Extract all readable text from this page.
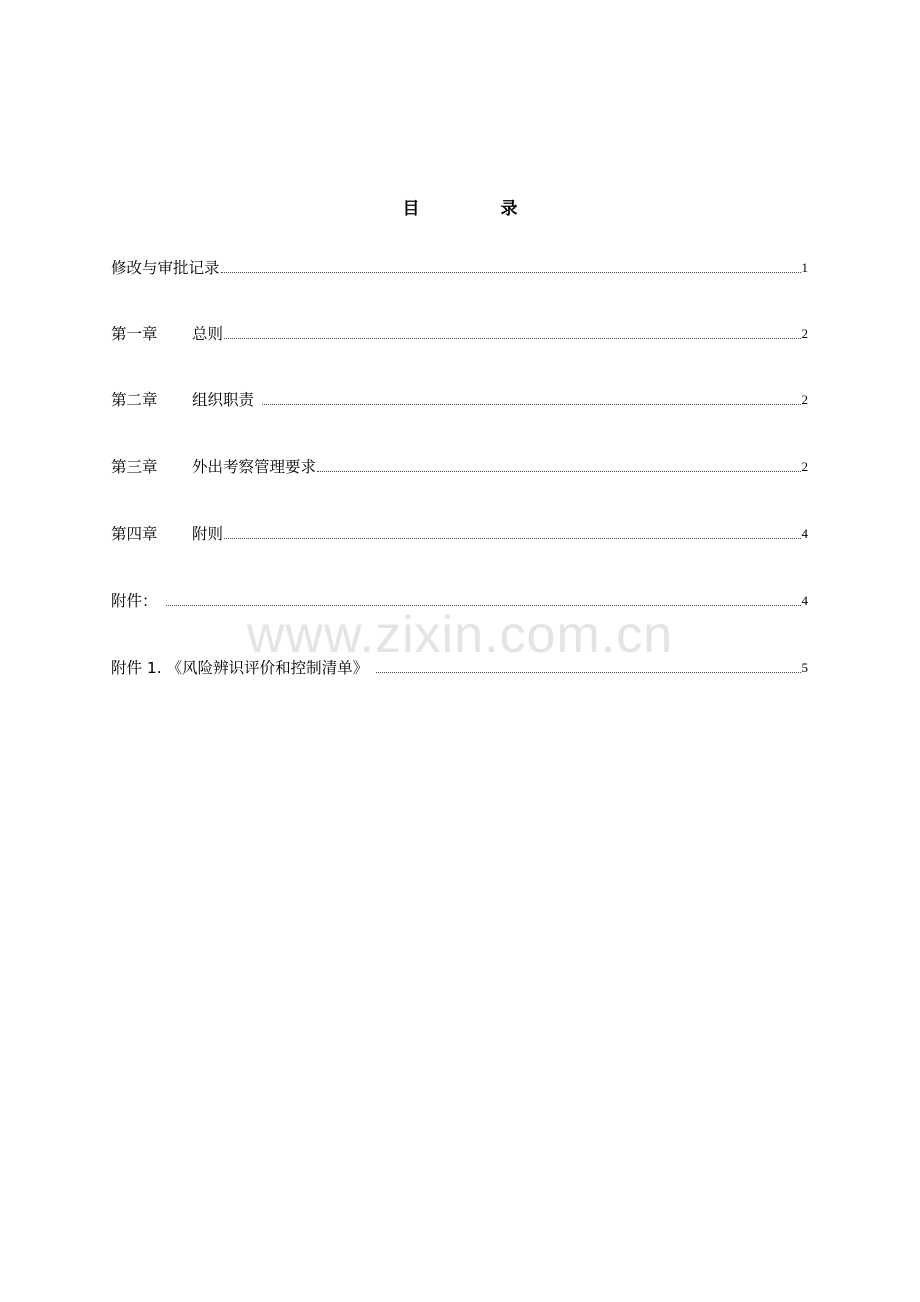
目　录
修改与审批记录	1
第一章	总则	2
第二章	组织职责	2
第三章	外出考察管理要求	2
第四章	附则	4
附件：	4
附件 1. 《风险辨识评价和控制清单》	5
www.zixin.com.cn
